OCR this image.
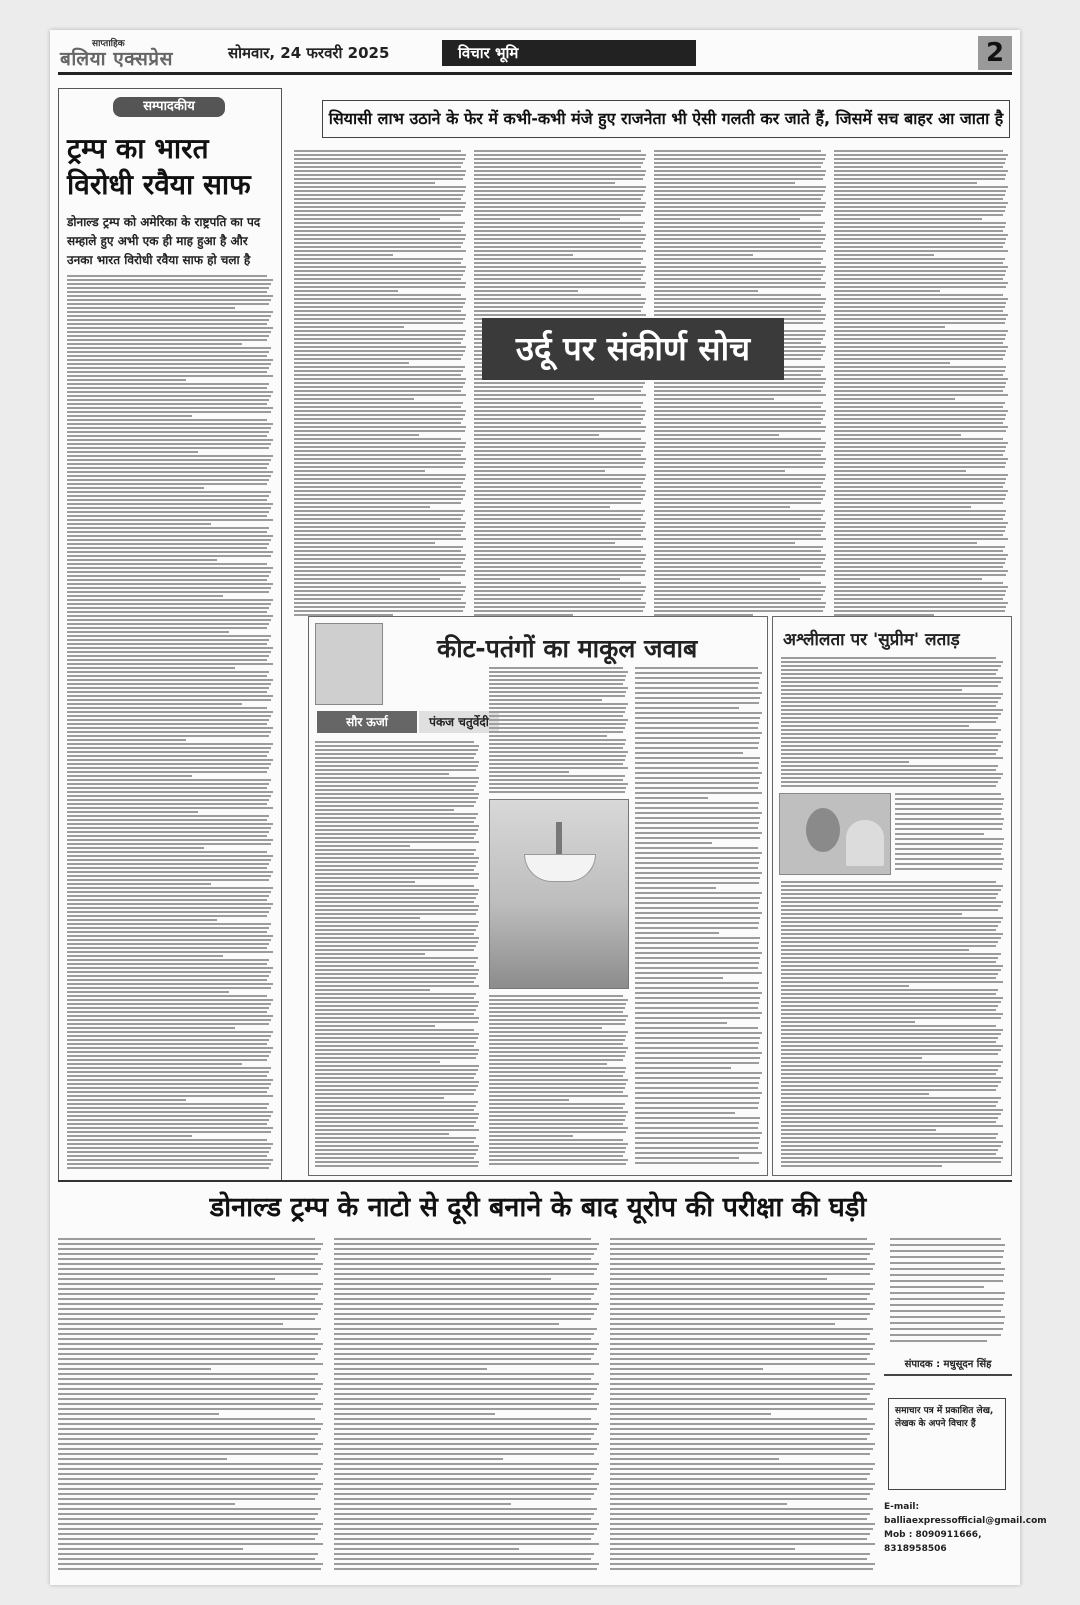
साप्ताहिक
बलिया एक्सप्रेस	सोमवार, 24 फरवरी 2025	विचार भूमि	2
सम्पादकीय
ट्रम्प का भारत विरोधी रवैया साफ
डोनाल्ड ट्रम्प को अमेरिका के राष्ट्रपति का पद सम्हाले हुए अभी एक ही माह हुआ है और उनका भारत विरोधी रवैया साफ हो चला है
सियासी लाभ उठाने के फेर में कभी-कभी मंजे हुए राजनेता भी ऐसी गलती कर जाते हैं, जिसमें सच बाहर आ जाता है
उर्दू पर संकीर्ण सोच
कीट-पतंगों का माकूल जवाब
सौर ऊर्जा	पंकज चतुर्वेदी
अश्लीलता पर 'सुप्रीम' लताड़
डोनाल्ड ट्रम्प के नाटो से दूरी बनाने के बाद यूरोप की परीक्षा की घड़ी
संपादक : मधुसूदन सिंह
समाचार पत्र में प्रकाशित लेख, लेखक के अपने विचार हैं
E-mail: balliaexpressofficial@gmail.com
Mob : 8090911666, 8318958506
